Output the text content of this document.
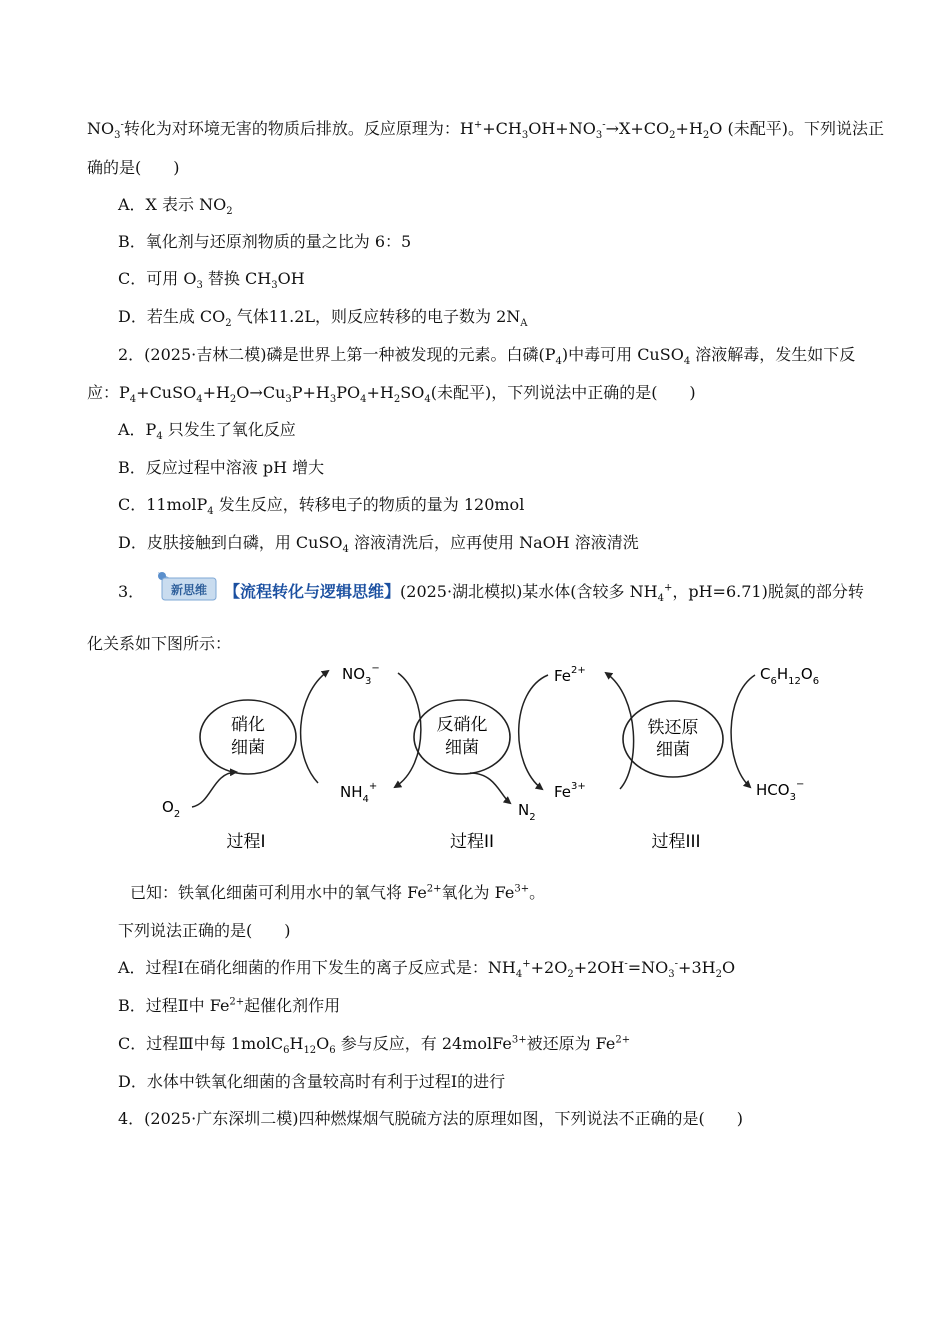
$NO_3^-$转化为对环境无害的物质后排放。反应原理为：$H^++CH_3OH+NO_3^-\to X+CO_2+H_2O$ (未配平)。下列说法正
确的是(　　)
A．X 表示 $NO_2$
B．氧化剂与还原剂物质的量之比为 6：5
C．可用 $O_3$ 替换 $CH_3OH$
D．若生成 $CO_2$ 气体11.2L，则反应转移的电子数为 $2N_A$
2．(2025·吉林二模)磷是世界上第一种被发现的元素。白磷$(P_4)$中毒可用 CuSO$_4$ 溶液解毒，发生如下反
应：$P_4+CuSO_4+H_2O\to Cu_3P+H_3PO_4+H_2SO_4$(未配平)，下列说法中正确的是(　　)
A．$P_4$ 只发生了氧化反应
B．反应过程中溶液 pH 增大
C．11molP$_4$ 发生反应，转移电子的物质的量为 120mol
D．皮肤接触到白磷，用 CuSO$_4$ 溶液清洗后，应再使用 NaOH 溶液清洗
3． 新思维 【流程转化与逻辑思维】(2025·湖北模拟)某水体(含较多 $NH_4^+$，pH=6.71)脱氮的部分转
化关系如下图所示：
硝化
细菌
反硝化
细菌
铁还原
细菌
$NO_3^-$
$NH_4^+$
$O_2$	$N_2$
$Fe^{2+}$
$Fe^{3+}$
$C_6H_{12}O_6$
$HCO_3^-$
过程I	过程II	过程III
已知：铁氧化细菌可利用水中的氧气将 $Fe^{2+}$氧化为 $Fe^{3+}$。
下列说法正确的是(　　)
A．过程Ⅰ在硝化细菌的作用下发生的离子反应式是：$NH_4^++2O_2+2OH^-=NO_3^-+3H_2O$
B．过程Ⅱ中 $Fe^{2+}$起催化剂作用
C．过程Ⅲ中每 $1molC_6H_{12}O_6$ 参与反应，有 24molFe$^{3+}$被还原为 $Fe^{2+}$
D．水体中铁氧化细菌的含量较高时有利于过程Ⅰ的进行
4．(2025·广东深圳二模)四种燃煤烟气脱硫方法的原理如图，下列说法不正确的是(　　)
